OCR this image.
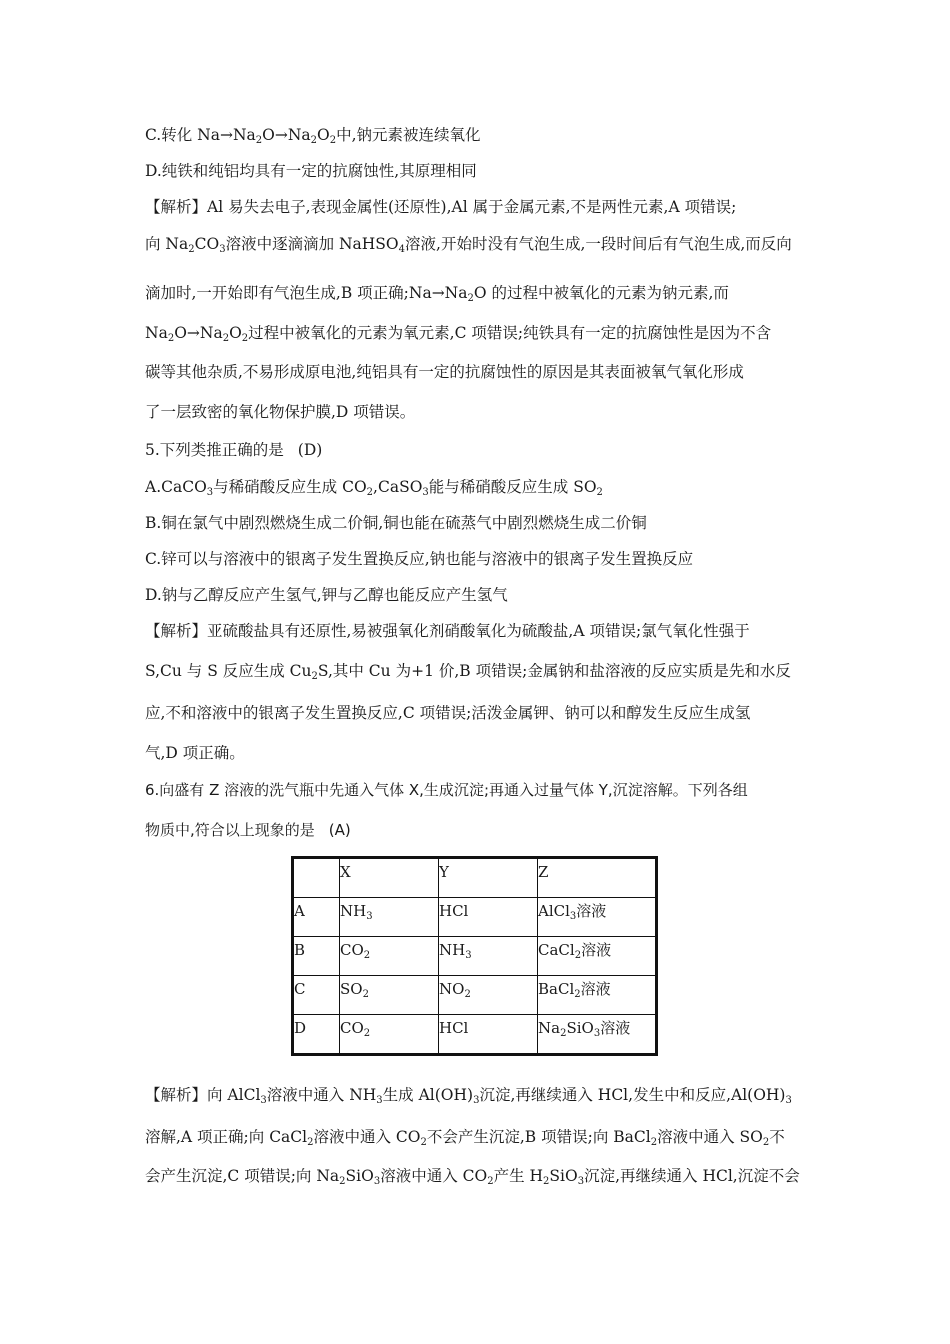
C.转化 $Na\to Na_2O\to Na_2O_2$中,钠元素被连续氧化
D.纯铁和纯铝均具有一定的抗腐蚀性,其原理相同
【解析】Al 易失去电子,表现金属性(还原性),Al 属于金属元素,不是两性元素,A 项错误;
向 $Na_2CO_3$溶液中逐滴滴加 NaHSO$_4$溶液,开始时没有气泡生成,一段时间后有气泡生成,而反向
滴加时,一开始即有气泡生成,B 项正确$;Na\to Na_2O$ 的过程中被氧化的元素为钠元素,而
$Na_2O\to Na_2O_2$过程中被氧化的元素为氧元素,C 项错误;纯铁具有一定的抗腐蚀性是因为不含
碳等其他杂质,不易形成原电池,纯铝具有一定的抗腐蚀性的原因是其表面被氧气氧化形成
了一层致密的氧化物保护膜,D 项错误。
5.下列类推正确的是 (D)
A.CaCO$_3$与稀硝酸反应生成 $CO_2,CaSO_3$能与稀硝酸反应生成 $SO_2$
B.铜在氯气中剧烈燃烧生成二价铜,铜也能在硫蒸气中剧烈燃烧生成二价铜
C.锌可以与溶液中的银离子发生置换反应,钠也能与溶液中的银离子发生置换反应
D.钠与乙醇反应产生氢气,钾与乙醇也能反应产生氢气
【解析】亚硫酸盐具有还原性,易被强氧化剂硝酸氧化为硫酸盐,A 项错误;氯气氧化性强于
S,Cu 与 S 反应生成 $Cu_2S$,其中 Cu 为+1 价,B 项错误;金属钠和盐溶液的反应实质是先和水反
应,不和溶液中的银离子发生置换反应,C 项错误;活泼金属钾、钠可以和醇发生反应生成氢
气,D 项正确。
6.向盛有 Z 溶液的洗气瓶中先通入气体 X,生成沉淀;再通入过量气体 Y,沉淀溶解。下列各组
物质中,符合以上现象的是 (A)
	X	Y	Z
A	$NH_3$	HCl	AlCl$_3$溶液
B	$CO_2$	$NH_3$	CaCl$_2$溶液
C	$SO_2$	$NO_2$	BaCl$_2$溶液
D	$CO_2$	HCl	$Na_2SiO_3$溶液
【解析】向 AlCl$_3$溶液中通入 $NH_3$生成 $Al(OH)_3$沉淀,再继续通入 HCl,发生中和反应$,Al(OH)_3$
溶解,A 项正确;向 CaCl$_2$溶液中通入 $CO_2$不会产生沉淀,B 项错误;向 BaCl$_2$溶液中通入 $SO_2$不
会产生沉淀,C 项错误;向 $Na_2SiO_3$溶液中通入 $CO_2$产生 $H_2SiO_3$沉淀,再继续通入 HCl,沉淀不会
